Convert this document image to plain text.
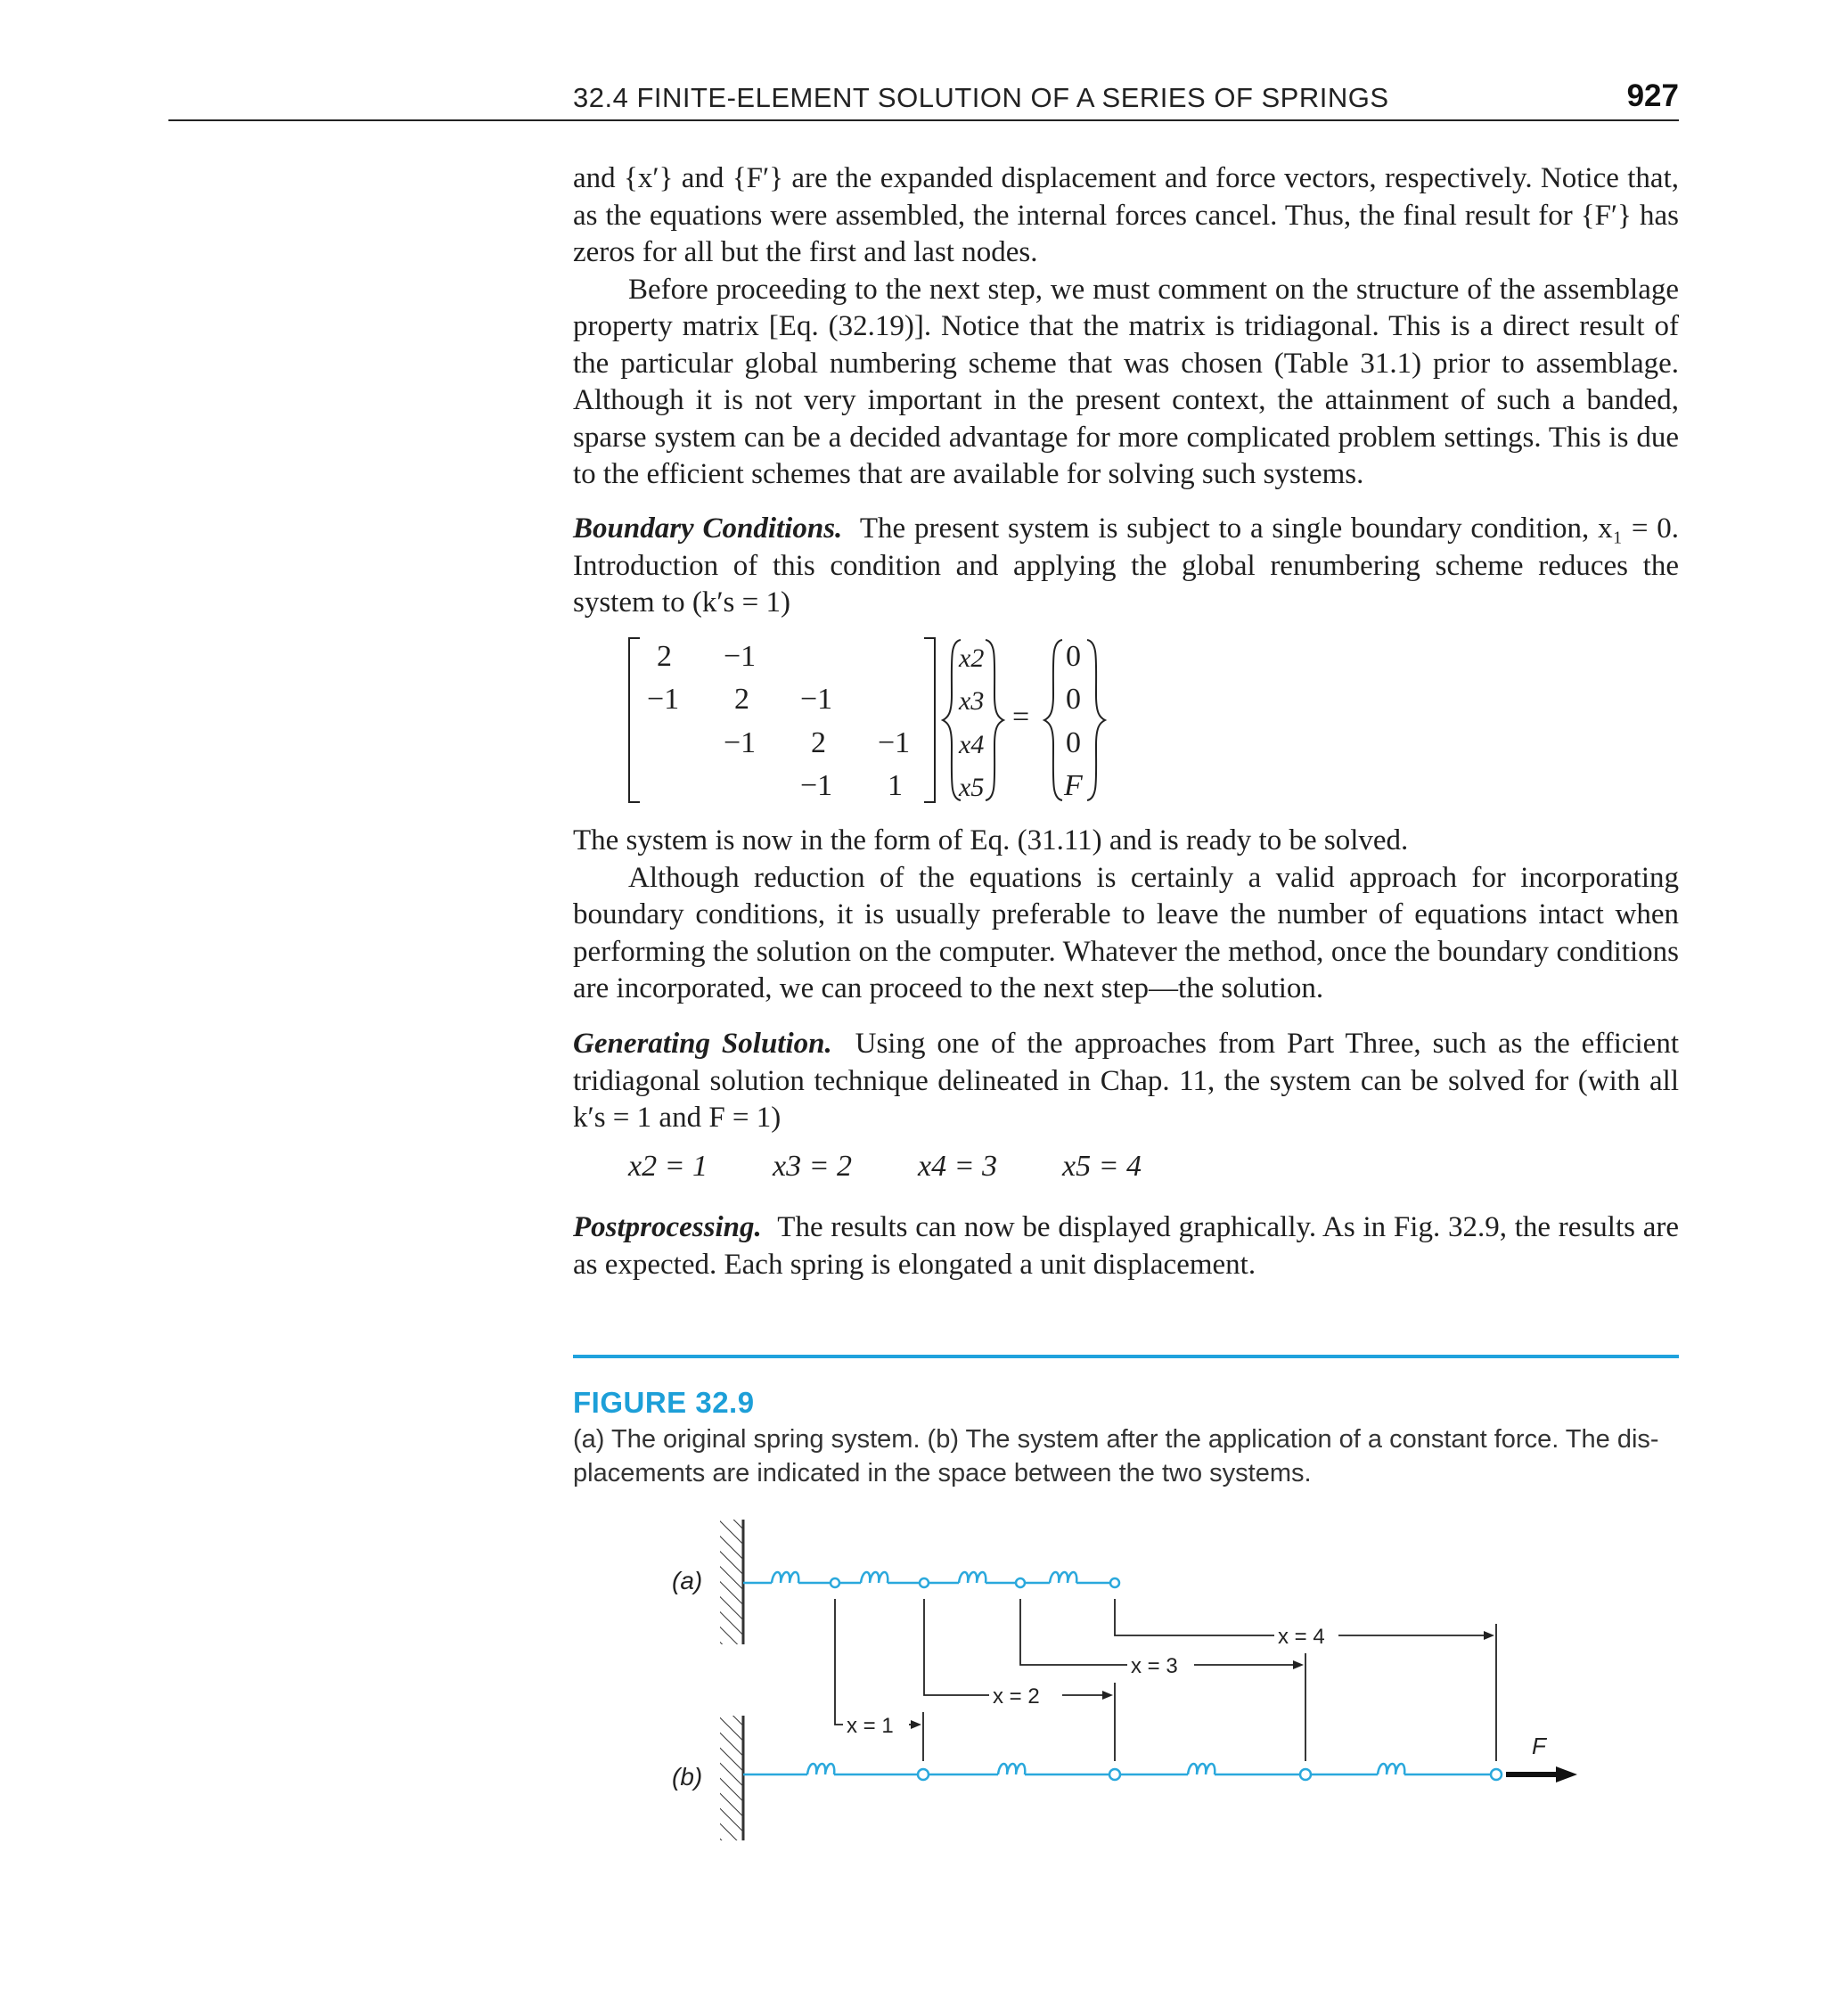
32.4 FINITE-ELEMENT SOLUTION OF A SERIES OF SPRINGS	927

and {x′} and {F′} are the expanded displacement and force vectors, respectively. Notice that, as the equations were assembled, the internal forces cancel. Thus, the final result for {F′} has zeros for all but the first and last nodes.

Before proceeding to the next step, we must comment on the structure of the assemblage property matrix [Eq. (32.19)]. Notice that the matrix is tridiagonal. This is a direct result of the particular global numbering scheme that was chosen (Table 31.1) prior to assemblage. Although it is not very important in the present context, the attainment of such a banded, sparse system can be a decided advantage for more complicated problem settings. This is due to the efficient schemes that are available for solving such systems.

Boundary Conditions. The present system is subject to a single boundary condition, x₁ = 0. Introduction of this condition and applying the global renumbering scheme reduces the system to (k′s = 1)

2 −1
−1 2 −1
−1 2 −1
−1 1
x2
x3
x4
x5
=
0
0
0
F

The system is now in the form of Eq. (31.11) and is ready to be solved.

Although reduction of the equations is certainly a valid approach for incorporating boundary conditions, it is usually preferable to leave the number of equations intact when performing the solution on the computer. Whatever the method, once the boundary conditions are incorporated, we can proceed to the next step—the solution.

Generating Solution. Using one of the approaches from Part Three, such as the efficient tridiagonal solution technique delineated in Chap. 11, the system can be solved for (with all k′s = 1 and F = 1)

x2 = 1 x3 = 2 x4 = 3 x5 = 4

Postprocessing. The results can now be displayed graphically. As in Fig. 32.9, the results are as expected. Each spring is elongated a unit displacement.

FIGURE 32.9

(a) The original spring system. (b) The system after the application of a constant force. The displacements are indicated in the space between the two systems.

(a)
(b)
F
x = 1
x = 2
x = 3
x = 4
